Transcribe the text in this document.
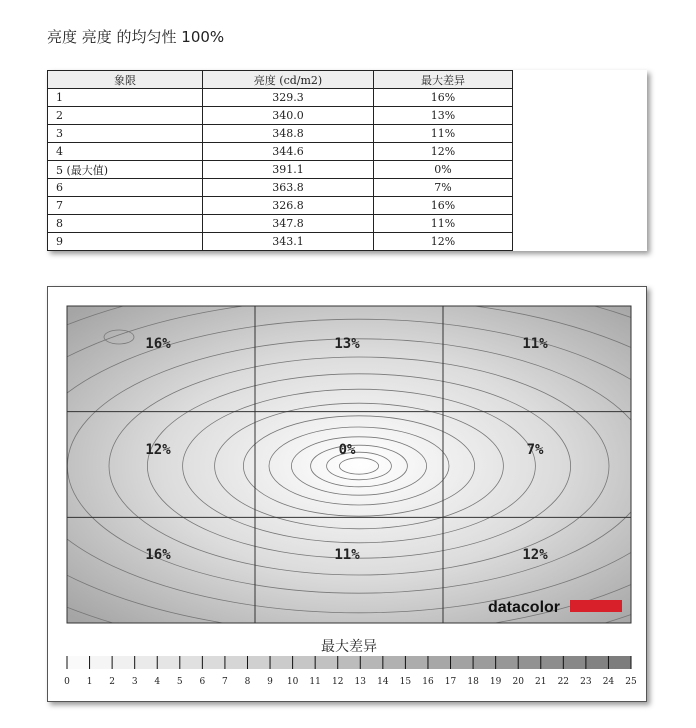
亮度 亮度 的均匀性 100%
象限	亮度 (cd/m2)	最大差异
1	329.3	16%
2	340.0	13%
3	348.8	11%
4	344.6	12%
5 (最大值)	391.1	0%
6	363.8	7%
7	326.8	16%
8	347.8	11%
9	343.1	12%
最大差异
0 1 2 3 4 5 6 7 8 9 10 11 12 13 14 15 16 17 18 19 20 21 22 23 24 25
16%	13%	11%
12%	0%	7%
16%	11%	12%
datacolor
